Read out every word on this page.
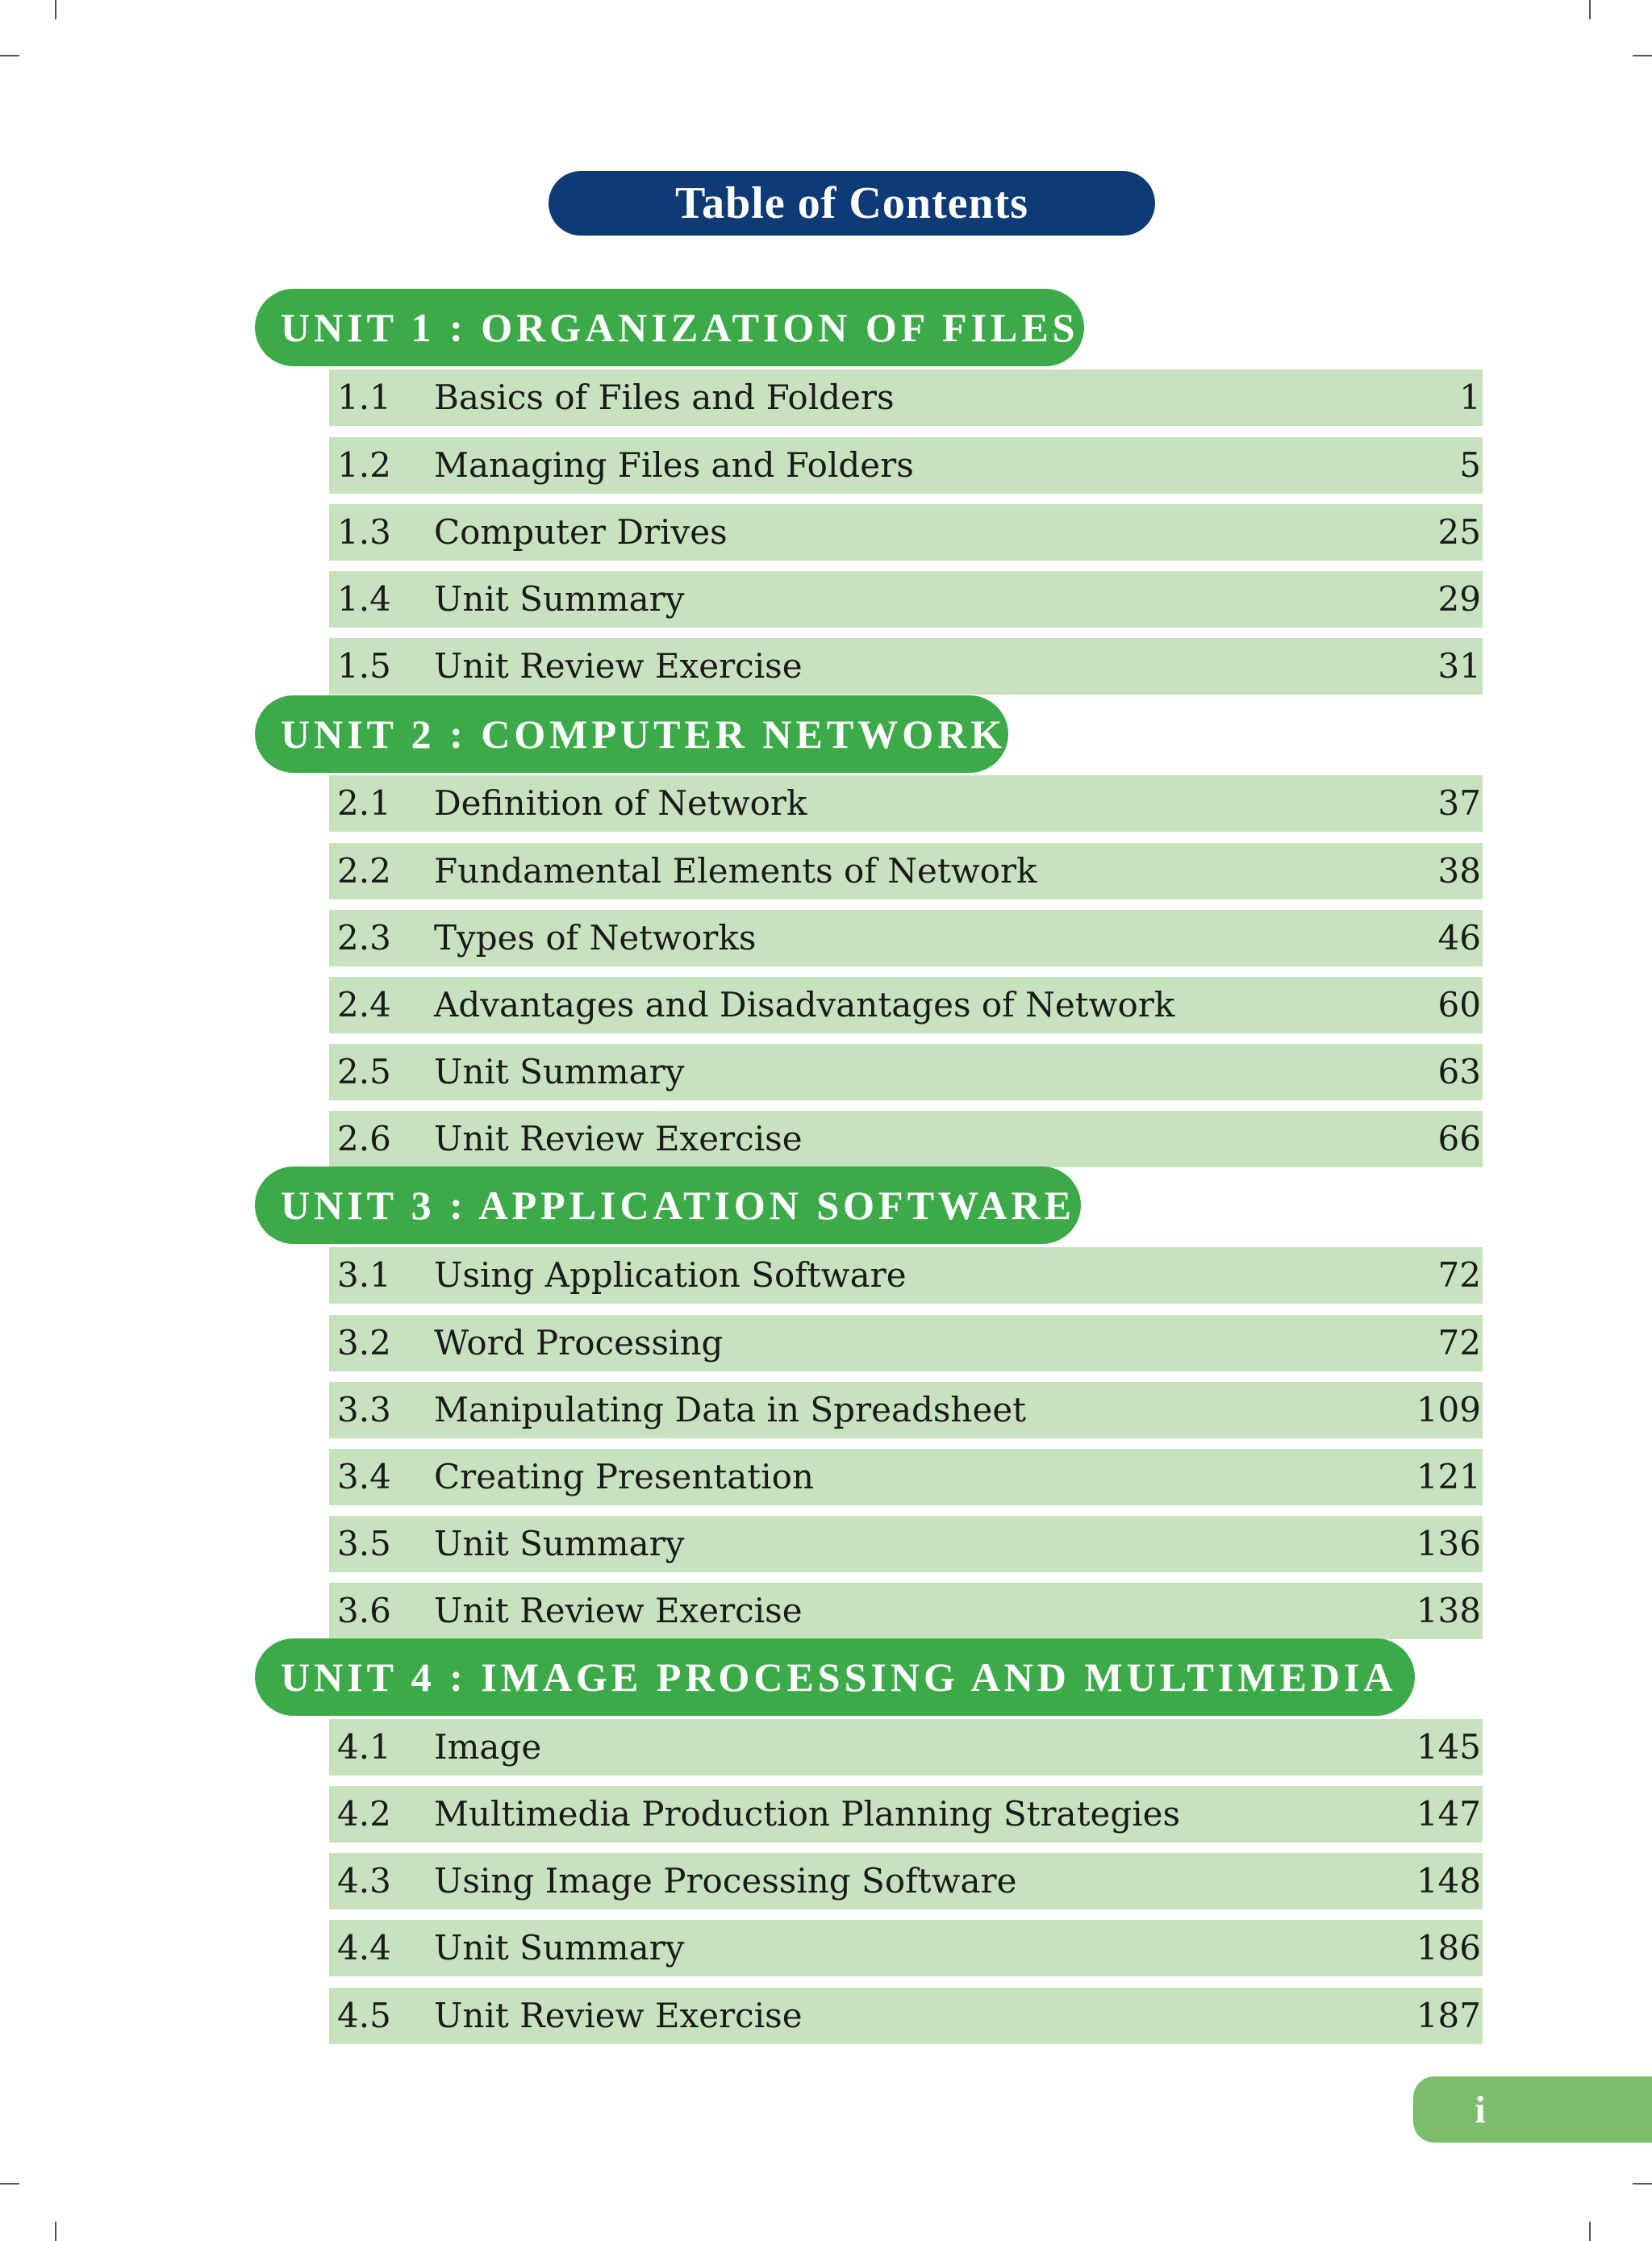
Table of Contents
UNIT 1 : ORGANIZATION OF FILES
1.1 Basics of Files and Folders	1
1.2 Managing Files and Folders	5
1.3 Computer Drives	25
1.4 Unit Summary	29
1.5 Unit Review Exercise	31
UNIT 2 : COMPUTER NETWORK
2.1 Definition of Network	37
2.2 Fundamental Elements of Network	38
2.3 Types of Networks	46
2.4 Advantages and Disadvantages of Network	60
2.5 Unit Summary	63
2.6 Unit Review Exercise	66
UNIT 3 : APPLICATION SOFTWARE
3.1 Using Application Software	72
3.2 Word Processing	72
3.3 Manipulating Data in Spreadsheet	109
3.4 Creating Presentation	121
3.5 Unit Summary	136
3.6 Unit Review Exercise	138
UNIT 4 : IMAGE PROCESSING AND MULTIMEDIA
4.1 Image	145
4.2 Multimedia Production Planning Strategies	147
4.3 Using Image Processing Software	148
4.4 Unit Summary	186
4.5 Unit Review Exercise	187
i
